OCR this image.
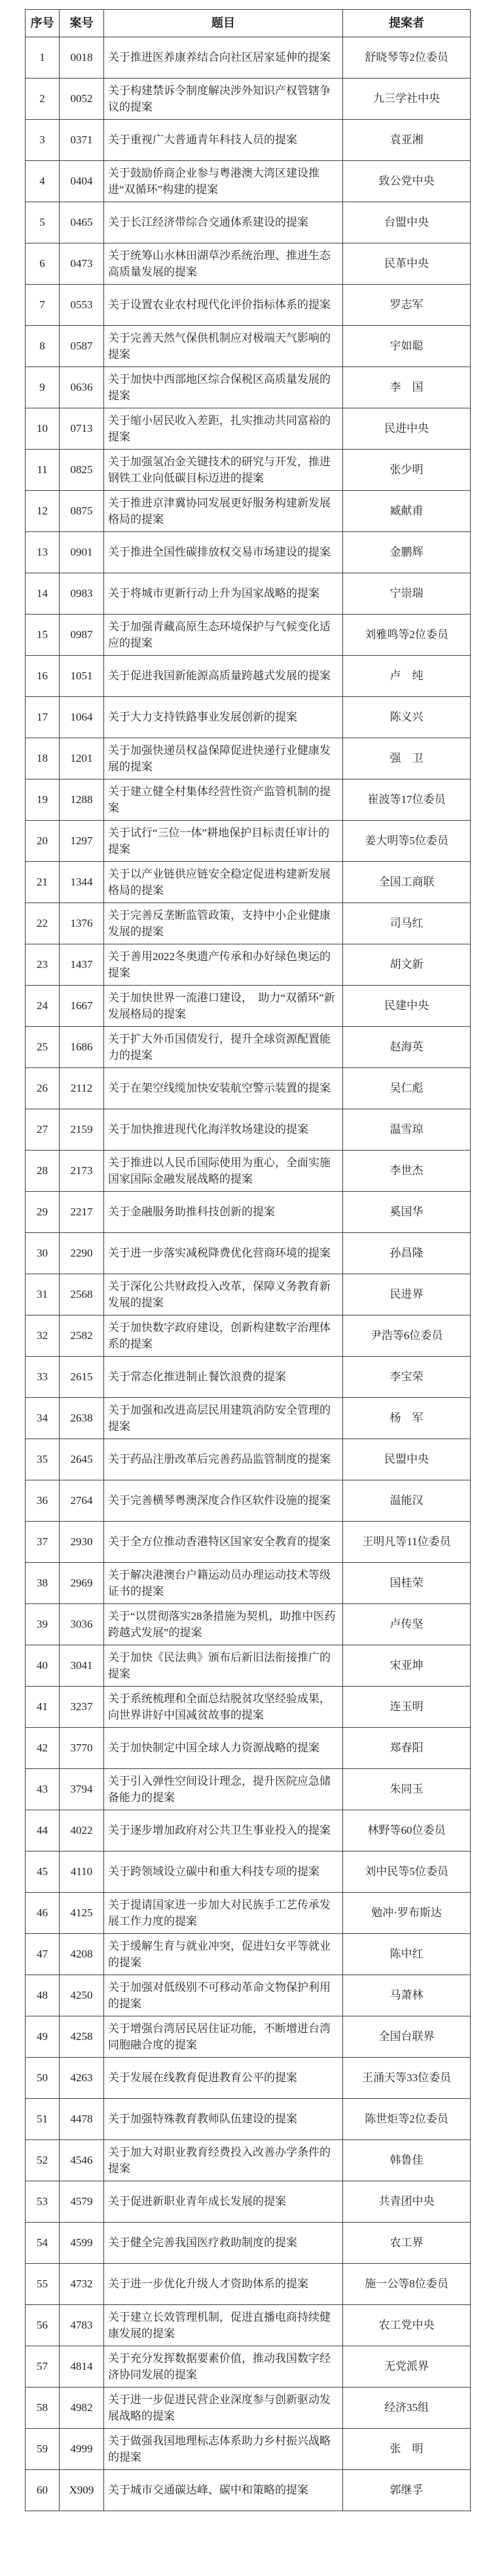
序号	案号	题目	提案者
1	0018	关于推进医养康养结合向社区居家延伸的提案	舒晓琴等2位委员
2	0052	关于构建禁诉令制度解决涉外知识产权管辖争议的提案	九三学社中央
3	0371	关于重视广大普通青年科技人员的提案	袁亚湘
4	0404	关于鼓励侨商企业参与粤港澳大湾区建设推进“双循环”构建的提案	致公党中央
5	0465	关于长江经济带综合交通体系建设的提案	台盟中央
6	0473	关于统筹山水林田湖草沙系统治理、推进生态高质量发展的提案	民革中央
7	0553	关于设置农业农村现代化评价指标体系的提案	罗志军
8	0587	关于完善天然气保供机制应对极端天气影响的提案	宇如聪
9	0636	关于加快中西部地区综合保税区高质量发展的提案	李　国
10	0713	关于缩小居民收入差距，扎实推动共同富裕的提案	民进中央
11	0825	关于加强氢冶金关键技术的研究与开发，推进钢铁工业向低碳目标迈进的提案	张少明
12	0875	关于推进京津冀协同发展更好服务构建新发展格局的提案	臧献甫
13	0901	关于推进全国性碳排放权交易市场建设的提案	金鹏辉
14	0983	关于将城市更新行动上升为国家战略的提案	宁崇瑞
15	0987	关于加强青藏高原生态环境保护与气候变化适应的提案	刘雅鸣等2位委员
16	1051	关于促进我国新能源高质量跨越式发展的提案	卢　纯
17	1064	关于大力支持铁路事业发展创新的提案	陈义兴
18	1201	关于加强快递员权益保障促进快递行业健康发展的提案	强　卫
19	1288	关于建立健全村集体经营性资产监管机制的提案	崔波等17位委员
20	1297	关于试行“三位一体”耕地保护目标责任审计的提案	姜大明等5位委员
21	1344	关于以产业链供应链安全稳定促进构建新发展格局的提案	全国工商联
22	1376	关于完善反垄断监管政策，支持中小企业健康发展的提案	司马红
23	1437	关于善用2022冬奥遗产传承和办好绿色奥运的提案	胡文新
24	1667	关于加快世界一流港口建设，　助力“双循环”新发展格局的提案	民建中央
25	1686	关于扩大外币国债发行，提升全球资源配置能力的提案	赵海英
26	2112	关于在架空线缆加快安装航空警示装置的提案	吴仁彪
27	2159	关于加快推进现代化海洋牧场建设的提案	温雪琼
28	2173	关于推进以人民币国际使用为重心，全面实施国家国际金融发展战略的提案	李世杰
29	2217	关于金融服务助推科技创新的提案	奚国华
30	2290	关于进一步落实减税降费优化营商环境的提案	孙昌隆
31	2568	关于深化公共财政投入改革，保障义务教育新发展的提案	民进界
32	2582	关于加快数字政府建设，创新构建数字治理体系的提案	尹浩等6位委员
33	2615	关于常态化推进制止餐饮浪费的提案	李宝荣
34	2638	关于加强和改进高层民用建筑消防安全管理的提案	杨　军
35	2645	关于药品注册改革后完善药品监管制度的提案	民盟中央
36	2764	关于完善横琴粤澳深度合作区软件设施的提案	温能汉
37	2930	关于全方位推动香港特区国家安全教育的提案	王明凡等11位委员
38	2969	关于解决港澳台户籍运动员办理运动技术等级证书的提案	国桂荣
39	3036	关于“以贯彻落实28条措施为契机，助推中医药跨越式发展”的提案	卢传坚
40	3041	关于加快《民法典》颁布后新旧法衔接推广的提案	宋亚坤
41	3237	关于系统梳理和全面总结脱贫攻坚经验成果，向世界讲好中国减贫故事的提案	连玉明
42	3770	关于加快制定中国全球人力资源战略的提案	郑春阳
43	3794	关于引入弹性空间设计理念，提升医院应急储备能力的提案	朱同玉
44	4022	关于逐步增加政府对公共卫生事业投入的提案	林野等60位委员
45	4110	关于跨领域设立碳中和重大科技专项的提案	刘中民等5位委员
46	4125	关于提请国家进一步加大对民族手工艺传承发展工作力度的提案	勉冲·罗布斯达
47	4208	关于缓解生育与就业冲突，促进妇女平等就业的提案	陈中红
48	4250	关于加强对低级别不可移动革命文物保护利用的提案	马萧林
49	4258	关于增强台湾居民居住证功能，不断增进台湾同胞融合度的提案	全国台联界
50	4263	关于发展在线教育促进教育公平的提案	王涌天等33位委员
51	4478	关于加强特殊教育教师队伍建设的提案	陈世炬等2位委员
52	4546	关于加大对职业教育经费投入改善办学条件的提案	韩鲁佳
53	4579	关于促进新职业青年成长发展的提案	共青团中央
54	4599	关于健全完善我国医疗救助制度的提案	农工界
55	4732	关于进一步优化升级人才资助体系的提案	施一公等8位委员
56	4783	关于建立长效管理机制，促进直播电商持续健康发展的提案	农工党中央
57	4814	关于充分发挥数据要素价值，推动我国数字经济协同发展的提案	无党派界
58	4982	关于进一步促进民营企业深度参与创新驱动发展战略的提案	经济35组
59	4999	关于做强我国地理标志体系助力乡村振兴战略的提案	张　明
60	X909	关于城市交通碳达峰、碳中和策略的提案	郭继孚
